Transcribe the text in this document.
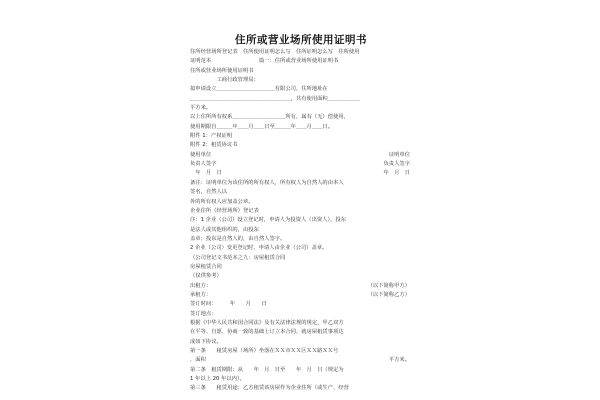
住所或营业场所使用证明书
住所经营场所登记表　住所使用证明怎么写　住所证明怎么写　住所使用
证明范本　　　　　　　　　篇一：住所或营业场所使用证明书
住所或营业场所使用证明书
　　　　　工商行政管理局：
拟申请设立＿＿＿＿＿＿＿＿＿＿＿有限公司，住所地址在
＿＿＿＿＿＿＿＿＿＿＿＿＿＿＿＿＿＿＿，共有使用面积＿＿＿＿＿＿
平方米。
以上住所所有权系＿＿＿＿＿＿＿＿＿＿所有，属有（无）偿使用，
使用期限自＿＿＿年＿＿月＿＿日至＿＿＿年＿＿月＿＿日。
附件 1：产权证明
附件 2：租赁协议书
使用单位	证明单位
负责人签字	负责人签字
　年　月　日	年　月　日
备注：证明单位为该住所的所有权人，所有权人为自然人的由本人
签名，自然人以
外的所有权人应加盖公章。
企业住所（经营场所）登记表
注：1 企业（公司）设立登记时，申请人为投资人（出资人），投东
是法人或其他组织的，由投东
盖章；投东是自然人的，由自然人签字。
2 企业（公司）变更登记时，申请人由企业（公司）盖章。
（公司登记文书范本之九：房屋租赁合同
房屋租赁合同
（仅供参考）
出租方：	（以下简称甲方）
承租方：	（以下简称乙方）
签订时间：　　　年　　月　　日
签订地点：
根据《中华人民共和国合同法》及有关法律法规的规定，甲乙双方
在平等、自愿、协商一致的基础上订立本合同，就房屋租赁事项达
成如下协议。
第一条　　租赁房屋（场所）坐落在ＸＸ市ＸＸ区ＸＸ路ＸＸ号
，面积	平方米。
第二条　租赁期限：从　　年　月　日至　　年　月　日（规定为
1 年以上 20 年以内）。
第三条　　租赁用途：乙方租赁该房屋作为企业住所（或生产、经营
